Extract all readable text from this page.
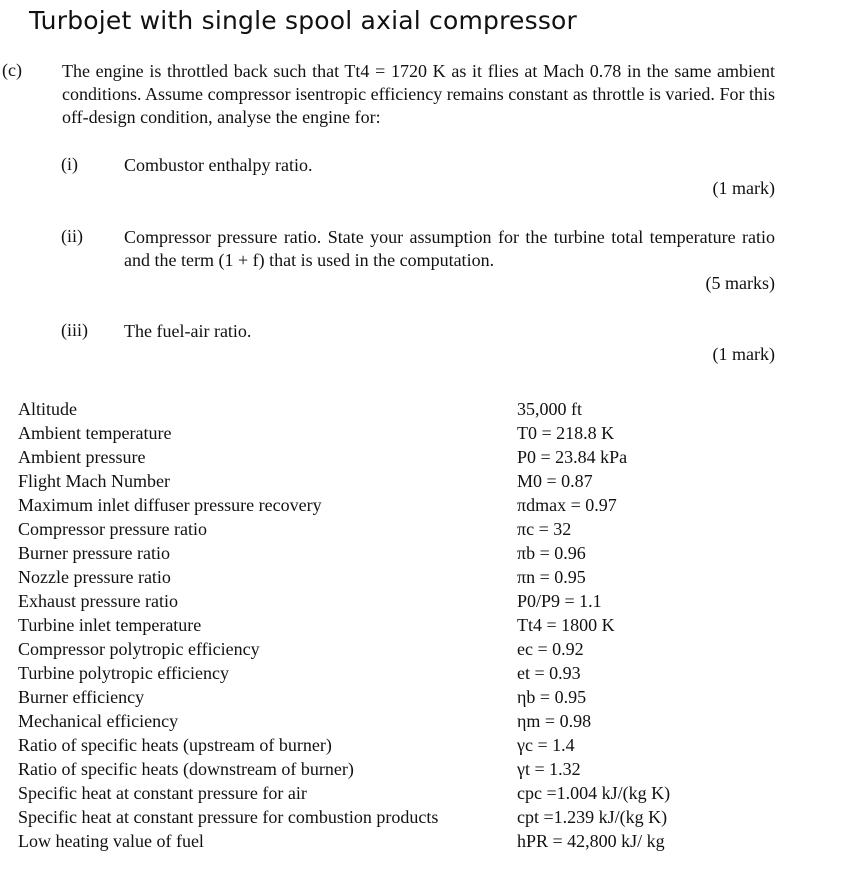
Turbojet with single spool axial compressor
(c) The engine is throttled back such that Tt4 = 1720 K as it flies at Mach 0.78 in the same ambient conditions. Assume compressor isentropic efficiency remains constant as throttle is varied. For this off-design condition, analyse the engine for:
(i)	Combustor enthalpy ratio.
(1 mark)
(ii) Compressor pressure ratio. State your assumption for the turbine total temperature ratio and the term (1 + f) that is used in the computation.
(5 marks)
(iii) The fuel-air ratio.
(1 mark)
Altitude	35,000 ft
Ambient temperature	T0 = 218.8 K
Ambient pressure	P0 = 23.84 kPa
Flight Mach Number	M0 = 0.87
Maximum inlet diffuser pressure recovery	πdmax = 0.97
Compressor pressure ratio	πc = 32
Burner pressure ratio	πb = 0.96
Nozzle pressure ratio	πn = 0.95
Exhaust pressure ratio	P0/P9 = 1.1
Turbine inlet temperature	Tt4 = 1800 K
Compressor polytropic efficiency	ec = 0.92
Turbine polytropic efficiency	et = 0.93
Burner efficiency	ηb = 0.95
Mechanical efficiency	ηm = 0.98
Ratio of specific heats (upstream of burner)	γc = 1.4
Ratio of specific heats (downstream of burner)	γt = 1.32
Specific heat at constant pressure for air	cpc =1.004 kJ/(kg K)
Specific heat at constant pressure for combustion products	cpt =1.239 kJ/(kg K)
Low heating value of fuel	hPR = 42,800 kJ/ kg
